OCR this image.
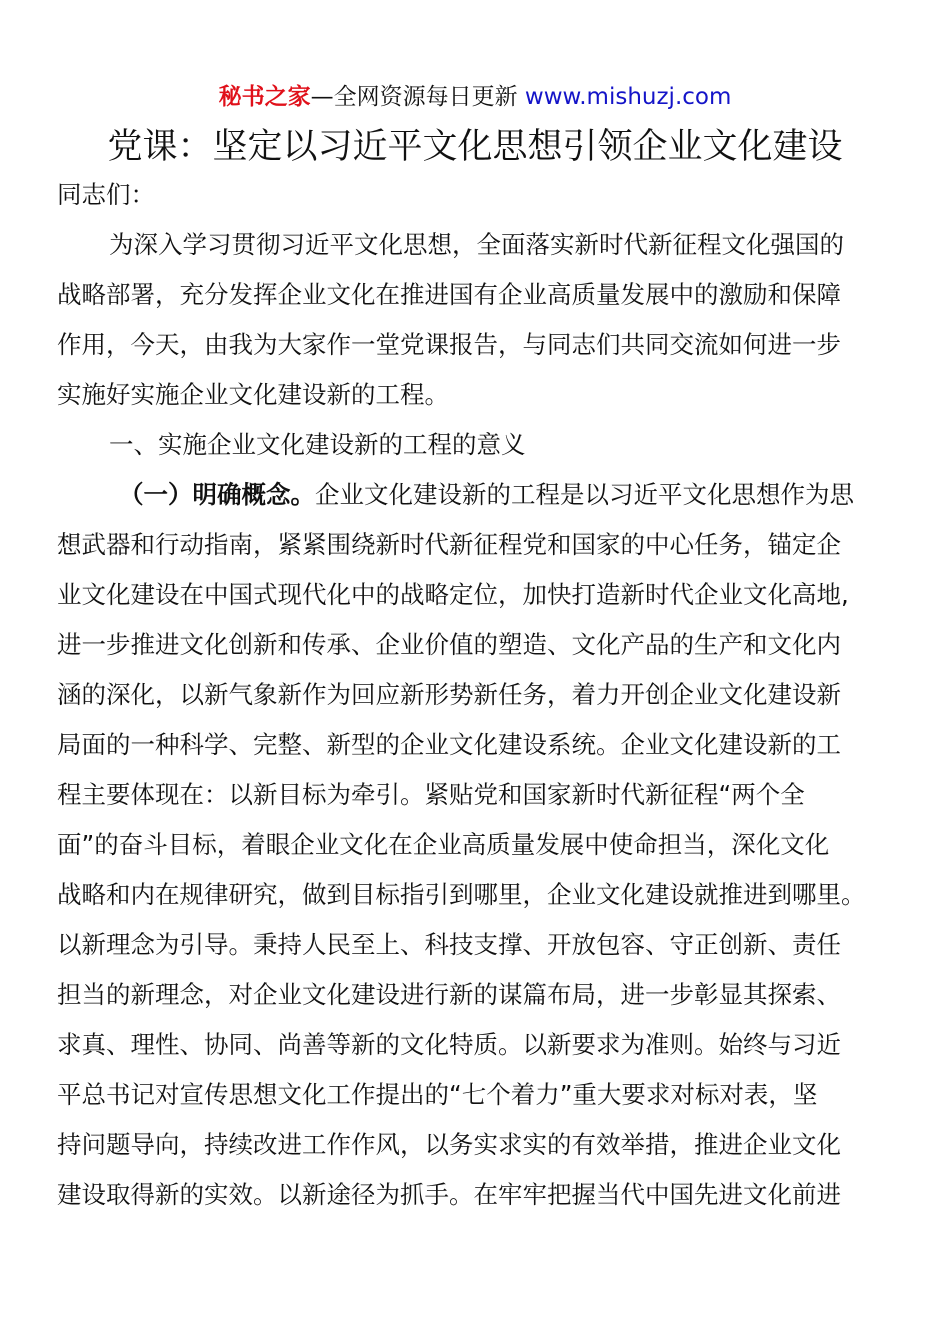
秘书之家—全网资源每日更新 www.mishuzj.com
党课：坚定以习近平文化思想引领企业文化建设
同志们：
为深入学习贯彻习近平文化思想，全面落实新时代新征程文化强国的
战略部署，充分发挥企业文化在推进国有企业高质量发展中的激励和保障
作用，今天，由我为大家作一堂党课报告，与同志们共同交流如何进一步
实施好实施企业文化建设新的工程。
一、实施企业文化建设新的工程的意义
（一）明确概念。企业文化建设新的工程是以习近平文化思想作为思
想武器和行动指南，紧紧围绕新时代新征程党和国家的中心任务，锚定企
业文化建设在中国式现代化中的战略定位，加快打造新时代企业文化高地,
进一步推进文化创新和传承、企业价值的塑造、文化产品的生产和文化内
涵的深化，以新气象新作为回应新形势新任务，着力开创企业文化建设新
局面的一种科学、完整、新型的企业文化建设系统。企业文化建设新的工
程主要体现在：以新目标为牵引。紧贴党和国家新时代新征程“两个全
面”的奋斗目标，着眼企业文化在企业高质量发展中使命担当，深化文化
战略和内在规律研究，做到目标指引到哪里，企业文化建设就推进到哪里。
以新理念为引导。秉持人民至上、科技支撑、开放包容、守正创新、责任
担当的新理念，对企业文化建设进行新的谋篇布局，进一步彰显其探索、
求真、理性、协同、尚善等新的文化特质。以新要求为准则。始终与习近
平总书记对宣传思想文化工作提出的“七个着力”重大要求对标对表，坚
持问题导向，持续改进工作作风，以务实求实的有效举措，推进企业文化
建设取得新的实效。以新途径为抓手。在牢牢把握当代中国先进文化前进
